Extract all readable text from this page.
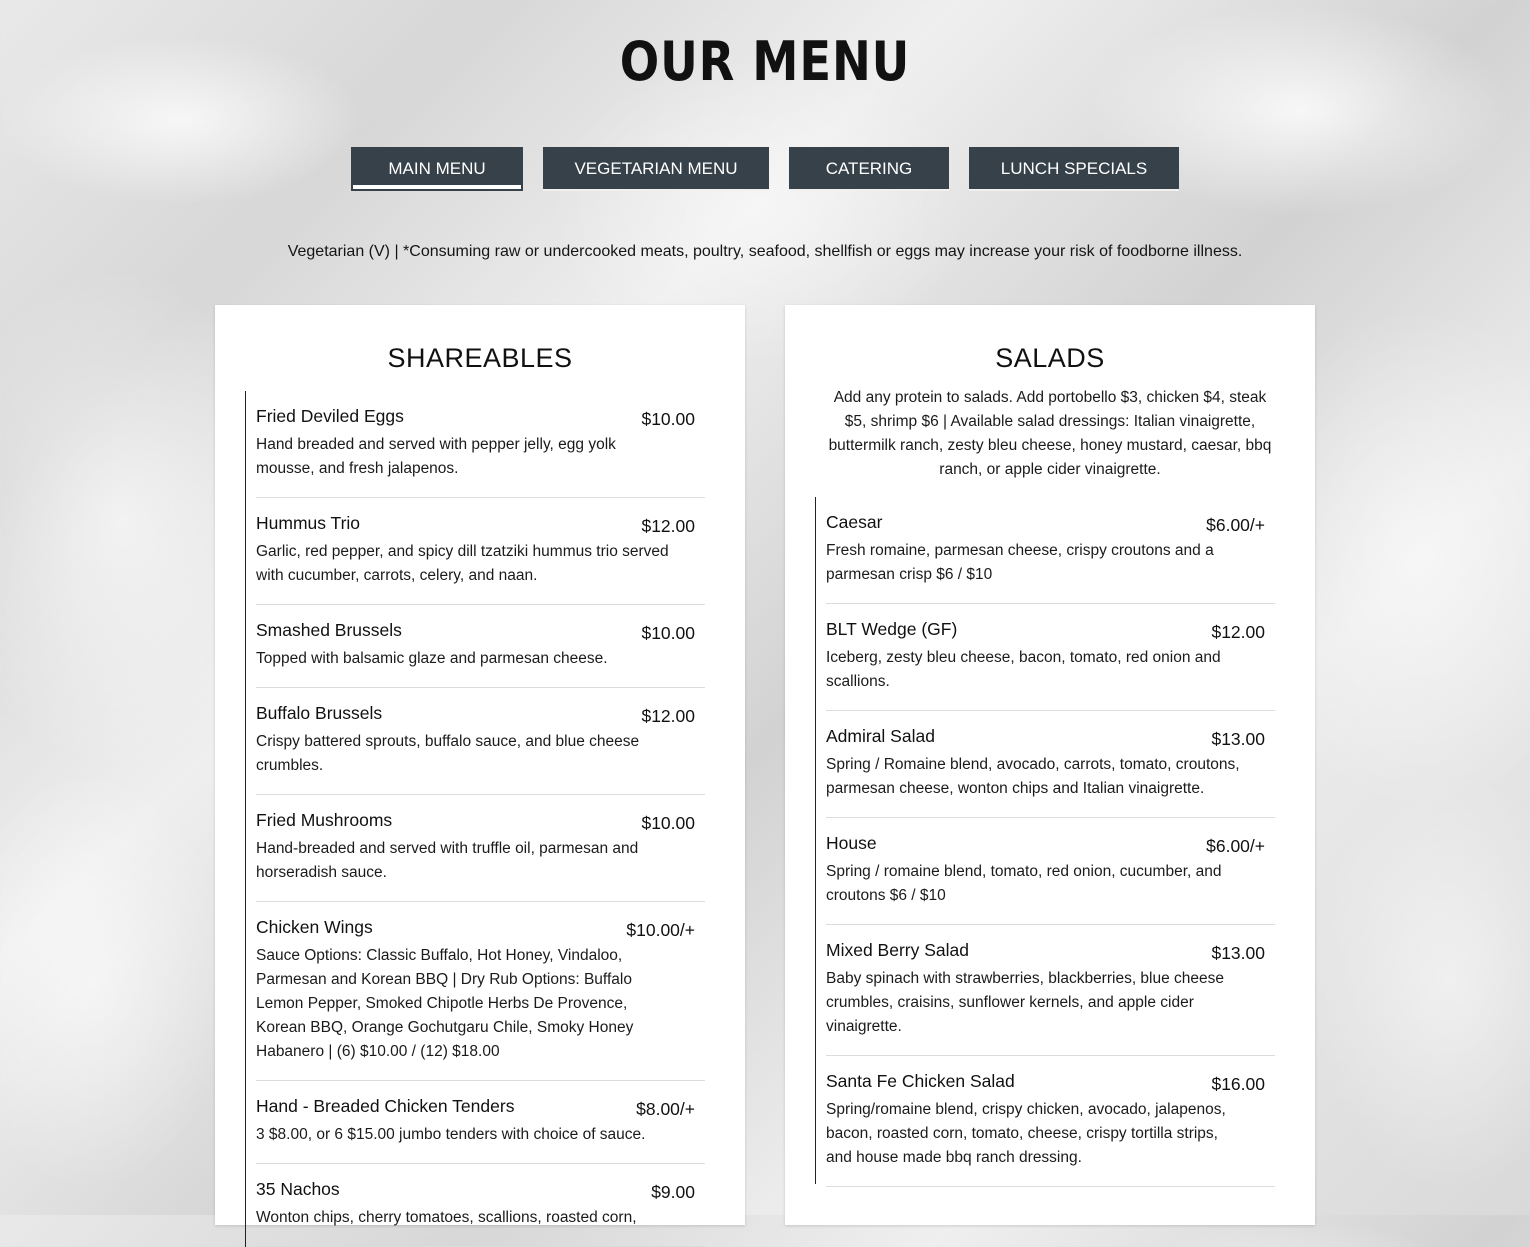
OUR MENU
MAIN MENU	VEGETARIAN MENU	CATERING	LUNCH SPECIALS
Vegetarian (V) | *Consuming raw or undercooked meats, poultry, seafood, shellfish or eggs may increase your risk of foodborne illness.
SHAREABLES
Fried Deviled Eggs	$10.00
Hand breaded and served with pepper jelly, egg yolk mousse, and fresh jalapenos.
Hummus Trio	$12.00
Garlic, red pepper, and spicy dill tzatziki hummus trio served with cucumber, carrots, celery, and naan.
Smashed Brussels	$10.00
Topped with balsamic glaze and parmesan cheese.
Buffalo Brussels	$12.00
Crispy battered sprouts, buffalo sauce, and blue cheese crumbles.
Fried Mushrooms	$10.00
Hand-breaded and served with truffle oil, parmesan and horseradish sauce.
Chicken Wings	$10.00/+
Sauce Options: Classic Buffalo, Hot Honey, Vindaloo, Parmesan and Korean BBQ | Dry Rub Options: Buffalo Lemon Pepper, Smoked Chipotle Herbs De Provence, Korean BBQ, Orange Gochutgaru Chile, Smoky Honey Habanero | (6) $10.00 / (12) $18.00
Hand - Breaded Chicken Tenders	$8.00/+
3 $8.00, or 6 $15.00 jumbo tenders with choice of sauce.
35 Nachos	$9.00
Wonton chips, cherry tomatoes, scallions, roasted corn,
SALADS
Add any protein to salads. Add portobello $3, chicken $4, steak $5, shrimp $6 | Available salad dressings: Italian vinaigrette, buttermilk ranch, zesty bleu cheese, honey mustard, caesar, bbq ranch, or apple cider vinaigrette.
Caesar	$6.00/+
Fresh romaine, parmesan cheese, crispy croutons and a parmesan crisp $6 / $10
BLT Wedge (GF)	$12.00
Iceberg, zesty bleu cheese, bacon, tomato, red onion and scallions.
Admiral Salad	$13.00
Spring / Romaine blend, avocado, carrots, tomato, croutons, parmesan cheese, wonton chips and Italian vinaigrette.
House	$6.00/+
Spring / romaine blend, tomato, red onion, cucumber, and croutons $6 / $10
Mixed Berry Salad	$13.00
Baby spinach with strawberries, blackberries, blue cheese crumbles, craisins, sunflower kernels, and apple cider vinaigrette.
Santa Fe Chicken Salad	$16.00
Spring/romaine blend, crispy chicken, avocado, jalapenos, bacon, roasted corn, tomato, cheese, crispy tortilla strips, and house made bbq ranch dressing.
